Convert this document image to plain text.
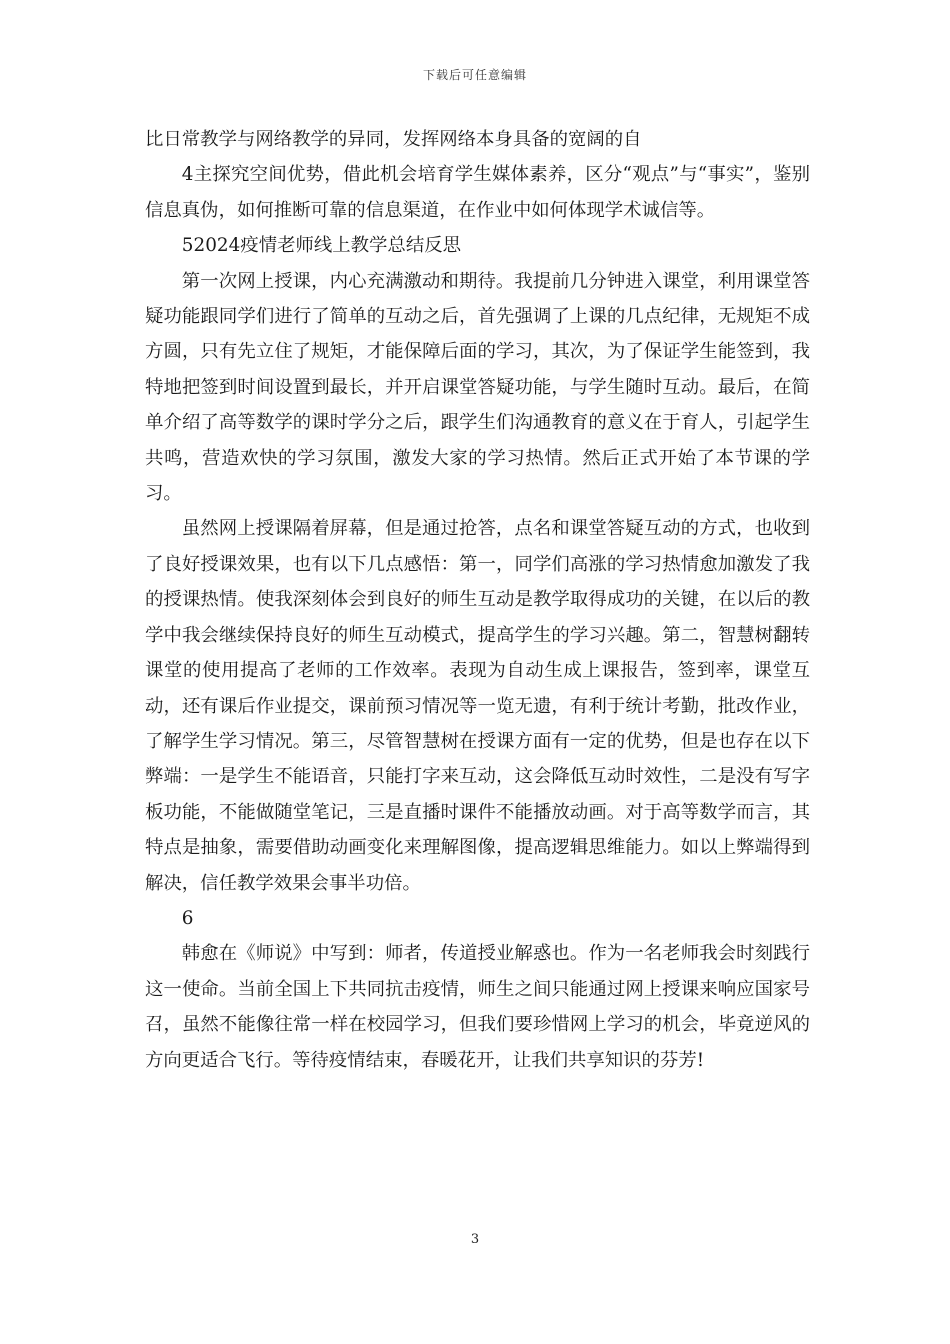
下载后可任意编辑

比日常教学与网络教学的异同，发挥网络本身具备的宽阔的自

4主探究空间优势，借此机会培育学生媒体素养，区分“观点”与“事实”，鉴别信息真伪，如何推断可靠的信息渠道，在作业中如何体现学术诚信等。

52024疫情老师线上教学总结反思

第一次网上授课，内心充满激动和期待。我提前几分钟进入课堂，利用课堂答疑功能跟同学们进行了简单的互动之后，首先强调了上课的几点纪律，无规矩不成方圆，只有先立住了规矩，才能保障后面的学习，其次，为了保证学生能签到，我特地把签到时间设置到最长，并开启课堂答疑功能，与学生随时互动。最后，在简单介绍了高等数学的课时学分之后，跟学生们沟通教育的意义在于育人，引起学生共鸣，营造欢快的学习氛围，激发大家的学习热情。然后正式开始了本节课的学习。

虽然网上授课隔着屏幕，但是通过抢答，点名和课堂答疑互动的方式，也收到了良好授课效果，也有以下几点感悟：第一，同学们高涨的学习热情愈加激发了我的授课热情。使我深刻体会到良好的师生互动是教学取得成功的关键，在以后的教学中我会继续保持良好的师生互动模式，提高学生的学习兴趣。第二，智慧树翻转课堂的使用提高了老师的工作效率。表现为自动生成上课报告，签到率，课堂互动，还有课后作业提交，课前预习情况等一览无遗，有利于统计考勤，批改作业，了解学生学习情况。第三，尽管智慧树在授课方面有一定的优势，但是也存在以下弊端：一是学生不能语音，只能打字来互动，这会降低互动时效性，二是没有写字板功能，不能做随堂笔记，三是直播时课件不能播放动画。对于高等数学而言，其特点是抽象，需要借助动画变化来理解图像，提高逻辑思维能力。如以上弊端得到解决，信任教学效果会事半功倍。

6

韩愈在《师说》中写到：师者，传道授业解惑也。作为一名老师我会时刻践行这一使命。当前全国上下共同抗击疫情，师生之间只能通过网上授课来响应国家号召，虽然不能像往常一样在校园学习，但我们要珍惜网上学习的机会，毕竟逆风的方向更适合飞行。等待疫情结束，春暖花开，让我们共享知识的芬芳!

3
